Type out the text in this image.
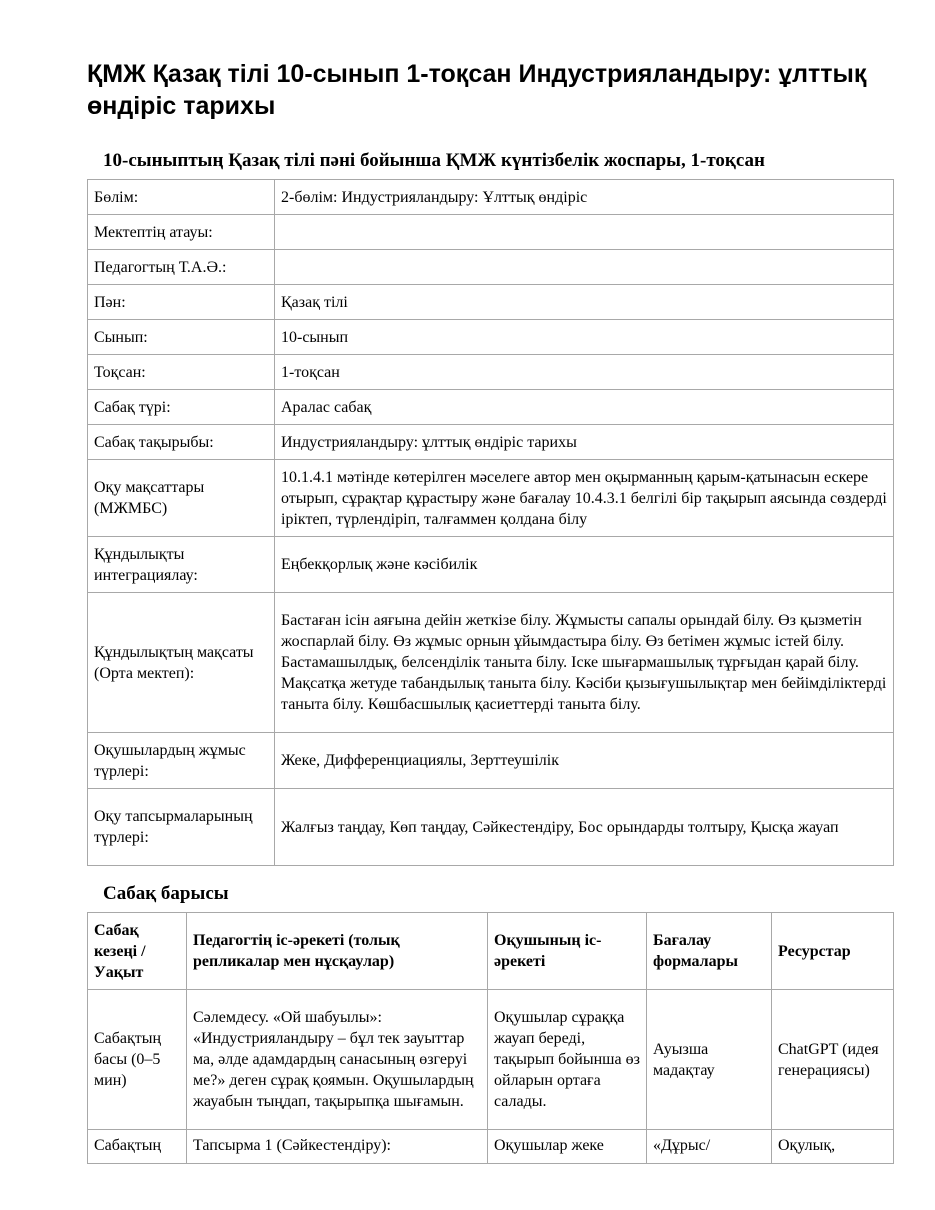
ҚМЖ Қазақ тілі 10-сынып 1-тоқсан Индустрияландыру: ұлттық өндіріс тарихы
10-сыныптың Қазақ тілі пәні бойынша ҚМЖ күнтізбелік жоспары, 1-тоқсан
Бөлім:	2-бөлім: Индустрияландыру: Ұлттық өндіріс
Мектептің атауы:	
Педагогтың Т.А.Ә.:	
Пән:	Қазақ тілі
Сынып:	10-сынып
Тоқсан:	1-тоқсан
Сабақ түрі:	Аралас сабақ
Сабақ тақырыбы:	Индустрияландыру: ұлттық өндіріс тарихы
Оқу мақсаттары (МЖМБС)	10.1.4.1 мәтінде көтерілген мәселеге автор мен оқырманның қарым-қатынасын ескере отырып, сұрақтар құрастыру және бағалау 10.4.3.1 белгілі бір тақырып аясында сөздерді іріктеп, түрлендіріп, талғаммен қолдана білу
Құндылықты интеграциялау:	Еңбекқорлық және кәсібилік
Құндылықтың мақсаты (Орта мектеп):	Бастаған ісін аяғына дейін жеткізе білу. Жұмысты сапалы орындай білу. Өз қызметін жоспарлай білу. Өз жұмыс орнын ұйымдастыра білу. Өз бетімен жұмыс істей білу. Бастамашылдық, белсенділік таныта білу. Іске шығармашылық тұрғыдан қарай білу. Мақсатқа жетуде табандылық таныта білу. Кәсіби қызығушылықтар мен бейімділіктерді таныта білу. Көшбасшылық қасиеттерді таныта білу.
Оқушылардың жұмыс түрлері:	Жеке, Дифференциациялы, Зерттеушілік
Оқу тапсырмаларының түрлері:	Жалғыз таңдау, Көп таңдау, Сәйкестендіру, Бос орындарды толтыру, Қысқа жауап
Сабақ барысы
Сабақ кезеңі / Уақыт	Педагогтің іс-әрекеті (толық репликалар мен нұсқаулар)	Оқушының іс-әрекеті	Бағалау формалары	Ресурстар
Сабақтың басы (0–5 мин)	Сәлемдесу. «Ой шабуылы»: «Индустрияландыру – бұл тек зауыттар ма, әлде адамдардың санасының өзгеруі ме?» деген сұрақ қоямын. Оқушылардың жауабын тыңдап, тақырыпқа шығамын.	Оқушылар сұраққа жауап береді, тақырып бойынша өз ойларын ортаға салады.	Ауызша мадақтау	ChatGPT (идея генерациясы)
Сабақтың	Тапсырма 1 (Сәйкестендіру):	Оқушылар жеке	«Дұрыс/	Оқулық,
